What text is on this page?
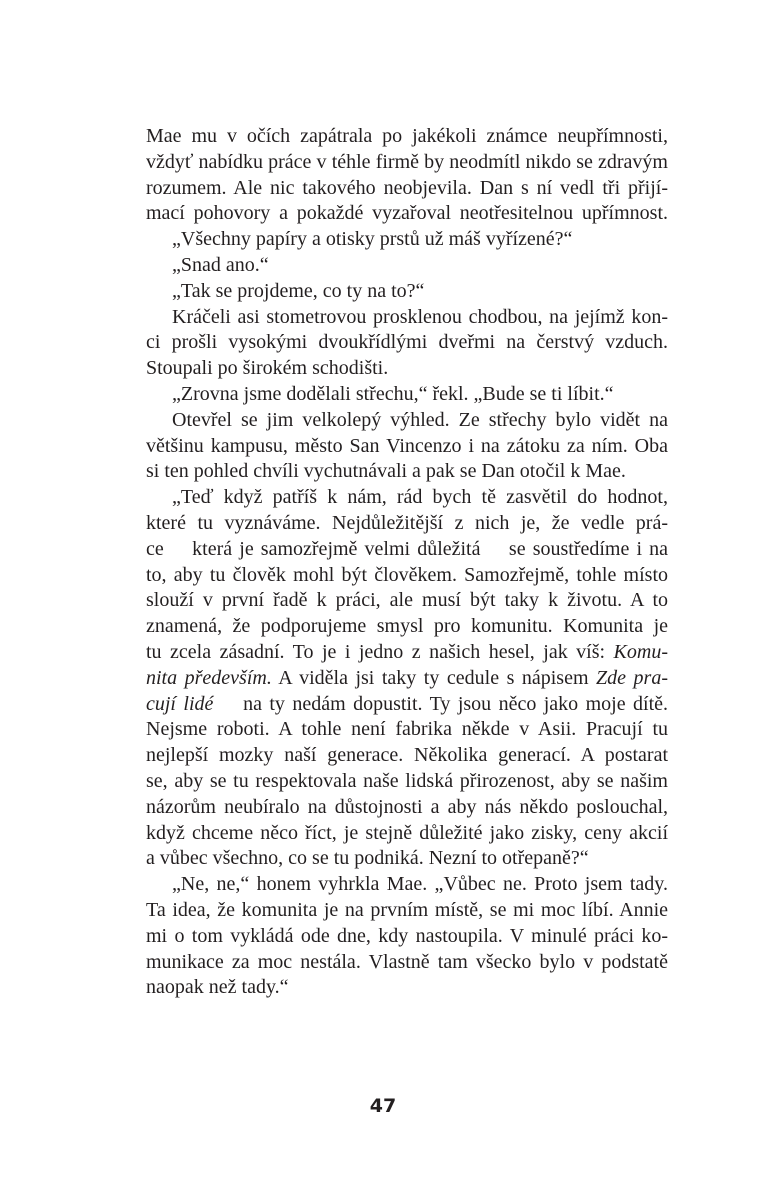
Mae mu v očích zapátrala po jakékoli známce neupřímnosti,
vždyť nabídku práce v téhle firmě by neodmítl nikdo se zdravým
rozumem. Ale nic takového neobjevila. Dan s ní vedl tři přijí-
mací pohovory a pokaždé vyzařoval neotřesitelnou upřímnost.
„Všechny papíry a otisky prstů už máš vyřízené?“
„Snad ano.“
„Tak se projdeme, co ty na to?“
Kráčeli asi stometrovou prosklenou chodbou, na jejímž kon-
ci prošli vysokými dvoukřídlými dveřmi na čerstvý vzduch.
Stoupali po širokém schodišti.
„Zrovna jsme dodělali střechu,“ řekl. „Bude se ti líbit.“
Otevřel se jim velkolepý výhled. Ze střechy bylo vidět na
většinu kampusu, město San Vincenzo i na zátoku za ním. Oba
si ten pohled chvíli vychutnávali a pak se Dan otočil k Mae.
„Teď když patříš k nám, rád bych tě zasvětil do hodnot,
které tu vyznáváme. Nejdůležitější z nich je, že vedle prá-
ce    která je samozřejmě velmi důležitá    se soustředíme i na
to, aby tu člověk mohl být člověkem. Samozřejmě, tohle místo
slouží v první řadě k práci, ale musí být taky k životu. A to
znamená, že podporujeme smysl pro komunitu. Komunita je
tu zcela zásadní. To je i jedno z našich hesel, jak víš: Komu-
nita především. A viděla jsi taky ty cedule s nápisem Zde pra-
cují lidé    na ty nedám dopustit. Ty jsou něco jako moje dítě.
Nejsme roboti. A tohle není fabrika někde v Asii. Pracují tu
nejlepší mozky naší generace. Několika generací. A postarat
se, aby se tu respektovala naše lidská přirozenost, aby se našim
názorům neubíralo na důstojnosti a aby nás někdo poslouchal,
když chceme něco říct, je stejně důležité jako zisky, ceny akcií
a vůbec všechno, co se tu podniká. Nezní to otřepaně?“
„Ne, ne,“ honem vyhrkla Mae. „Vůbec ne. Proto jsem tady.
Ta idea, že komunita je na prvním místě, se mi moc líbí. Annie
mi o tom vykládá ode dne, kdy nastoupila. V minulé práci ko-
munikace za moc nestála. Vlastně tam všecko bylo v podstatě
naopak než tady.“
47
